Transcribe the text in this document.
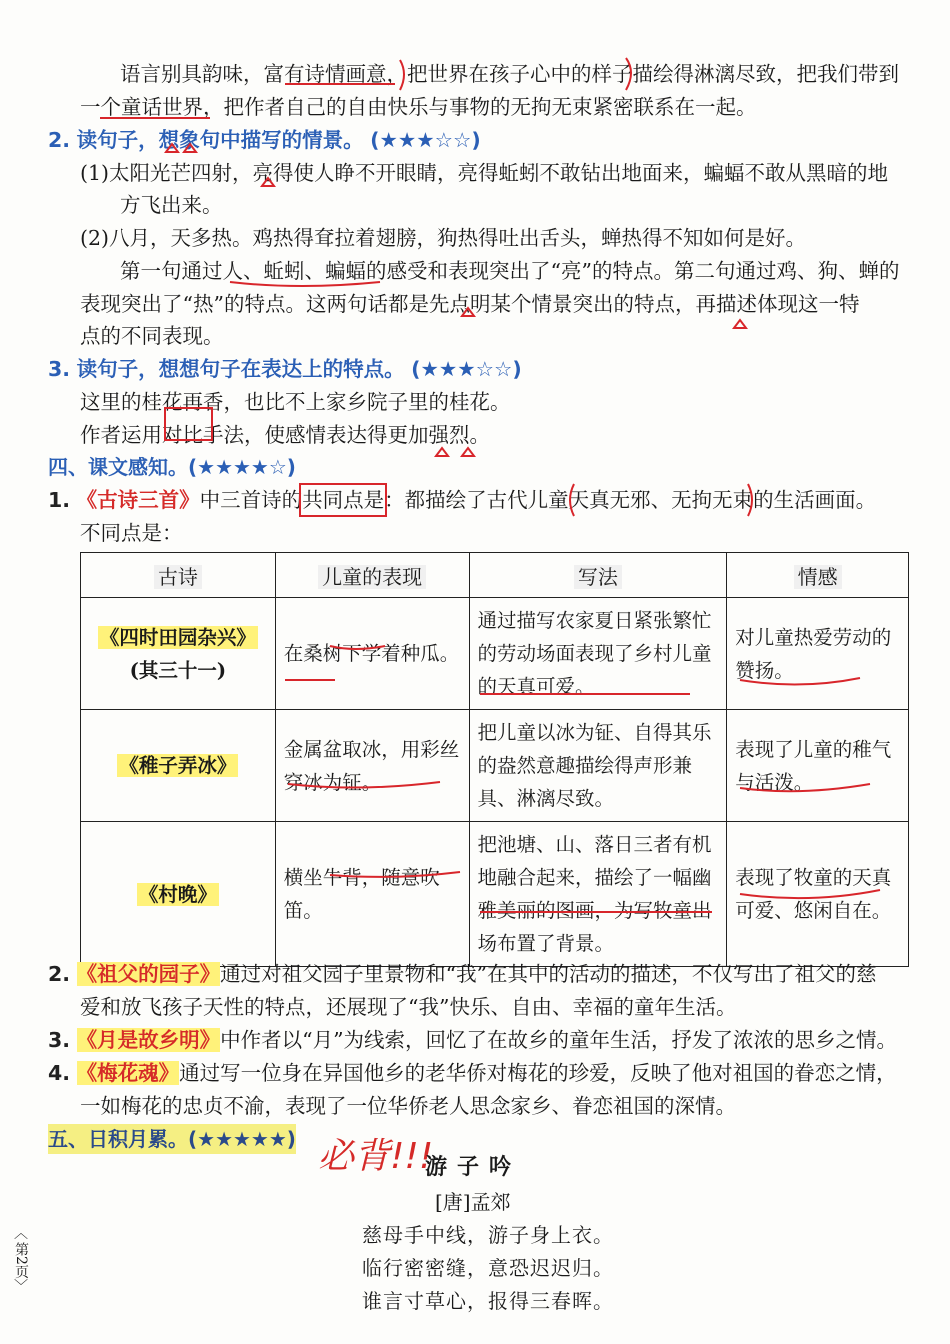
语言别具韵味，富有诗情画意，把世界在孩子心中的样子描绘得淋漓尽致，把我们带到
一个童话世界，把作者自己的自由快乐与事物的无拘无束紧密联系在一起。
2. 读句子，想象句中描写的情景。 (★★★☆☆)
(1)太阳光芒四射，亮得使人睁不开眼睛，亮得蚯蚓不敢钻出地面来，蝙蝠不敢从黑暗的地
方飞出来。
(2)八月，天多热。鸡热得耷拉着翅膀，狗热得吐出舌头，蝉热得不知如何是好。
第一句通过人、蚯蚓、蝙蝠的感受和表现突出了“亮”的特点。第二句通过鸡、狗、蝉的
表现突出了“热”的特点。这两句话都是先点明某个情景突出的特点，再描述体现这一特
点的不同表现。
3. 读句子，想想句子在表达上的特点。 (★★★☆☆)
这里的桂花再香，也比不上家乡院子里的桂花。
作者运用对比手法，使感情表达得更加强烈。
四、课文感知。(★★★★☆)
1. 《古诗三首》中三首诗的共同点是：都描绘了古代儿童天真无邪、无拘无束的生活画面。
不同点是：
古诗	儿童的表现	写法	情感

《四时田园杂兴》
(其三十一)	在桑树下学着种瓜。	通过描写农家夏日紧张繁忙的劳动场面表现了乡村儿童的天真可爱。	对儿童热爱劳动的赞扬。

《稚子弄冰》	金属盆取冰，用彩丝穿冰为钲。	把儿童以冰为钲、自得其乐的盎然意趣描绘得声形兼具、淋漓尽致。	表现了儿童的稚气与活泼。

《村晚》	横坐牛背，随意吹笛。	把池塘、山、落日三者有机地融合起来，描绘了一幅幽雅美丽的图画，为写牧童出场布置了背景。	表现了牧童的天真可爱、悠闲自在。
2. 《祖父的园子》通过对祖父园子里景物和“我”在其中的活动的描述，不仅写出了祖父的慈
爱和放飞孩子天性的特点，还展现了“我”快乐、自由、幸福的童年生活。
3. 《月是故乡明》中作者以“月”为线索，回忆了在故乡的童年生活，抒发了浓浓的思乡之情。
4. 《梅花魂》通过写一位身在异国他乡的老华侨对梅花的珍爱，反映了他对祖国的眷恋之情，
一如梅花的忠贞不渝，表现了一位华侨老人思念家乡、眷恋祖国的深情。
五、日积月累。(★★★★★) 必背!!!
游子吟
[唐]孟郊
慈母手中线，游子身上衣。
临行密密缝，意恐迟迟归。
谁言寸草心，报得三春晖。
︿
第2页
﹀
